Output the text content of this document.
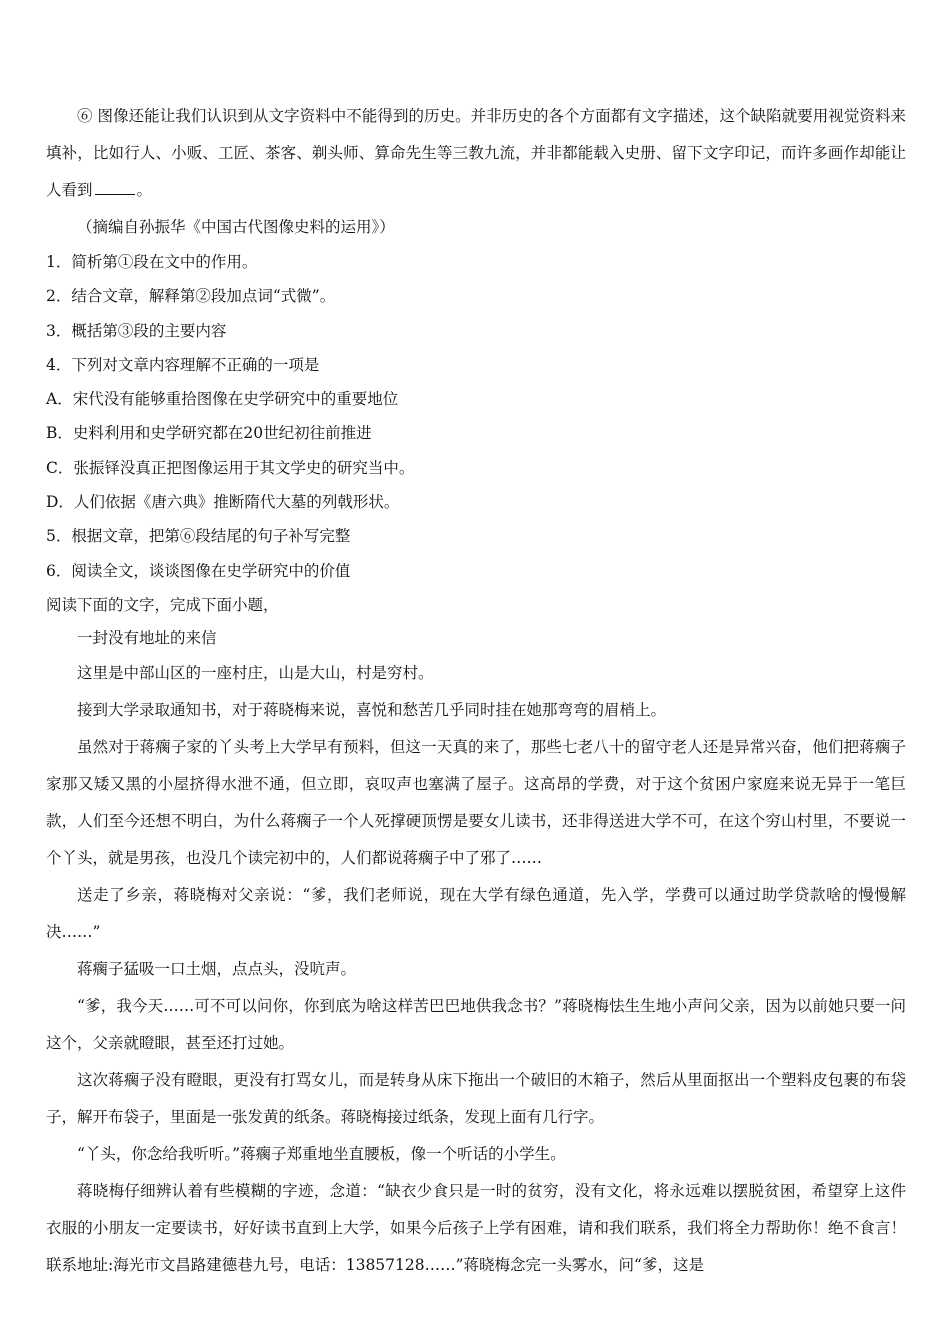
⑥ 图像还能让我们认识到从文字资料中不能得到的历史。并非历史的各个方面都有文字描述，这个缺陷就要用视觉资料来填补，比如行人、小贩、工匠、茶客、剃头师、算命先生等三教九流，并非都能载入史册、留下文字印记，而许多画作却能让人看到	。

（摘编自孙振华《中国古代图像史料的运用》）

1．简析第①段在文中的作用。

2．结合文章，解释第②段加点词“式微”。

3．概括第③段的主要内容

4．下列对文章内容理解不正确的一项是

A．宋代没有能够重拾图像在史学研究中的重要地位

B．史料利用和史学研究都在20世纪初往前推进

C．张振铎没真正把图像运用于其文学史的研究当中。

D．人们依据《唐六典》推断隋代大墓的列戟形状。

5．根据文章，把第⑥段结尾的句子补写完整

6．阅读全文，谈谈图像在史学研究中的价值

阅读下面的文字，完成下面小题，

一封没有地址的来信

这里是中部山区的一座村庄，山是大山，村是穷村。

接到大学录取通知书，对于蒋晓梅来说，喜悦和愁苦几乎同时挂在她那弯弯的眉梢上。

虽然对于蒋瘸子家的丫头考上大学早有预料，但这一天真的来了，那些七老八十的留守老人还是异常兴奋，他们把蒋瘸子家那又矮又黑的小屋挤得水泄不通，但立即，哀叹声也塞满了屋子。这高昂的学费，对于这个贫困户家庭来说无异于一笔巨款，人们至今还想不明白，为什么蒋瘸子一个人死撑硬顶愣是要女儿读书，还非得送进大学不可，在这个穷山村里，不要说一个丫头，就是男孩，也没几个读完初中的，人们都说蒋瘸子中了邪了……

送走了乡亲，蒋晓梅对父亲说：“爹，我们老师说，现在大学有绿色通道，先入学，学费可以通过助学贷款啥的慢慢解决……”

蒋瘸子猛吸一口土烟，点点头，没吭声。

“爹，我今天……可不可以问你，你到底为啥这样苦巴巴地供我念书？”蒋晓梅怯生生地小声问父亲，因为以前她只要一问这个，父亲就瞪眼，甚至还打过她。

这次蒋瘸子没有瞪眼，更没有打骂女儿，而是转身从床下拖出一个破旧的木箱子，然后从里面抠出一个塑料皮包裹的布袋子，解开布袋子，里面是一张发黄的纸条。蒋晓梅接过纸条，发现上面有几行字。

“丫头，你念给我听听。”蒋瘸子郑重地坐直腰板，像一个听话的小学生。

蒋晓梅仔细辨认着有些模糊的字迹，念道：“缺衣少食只是一时的贫穷，没有文化，将永远难以摆脱贫困，希望穿上这件衣服的小朋友一定要读书，好好读书直到上大学，如果今后孩子上学有困难，请和我们联系，我们将全力帮助你！绝不食言！联系地址:海光市文昌路建德巷九号，电话：13857128……”蒋晓梅念完一头雾水，问“爹，这是
